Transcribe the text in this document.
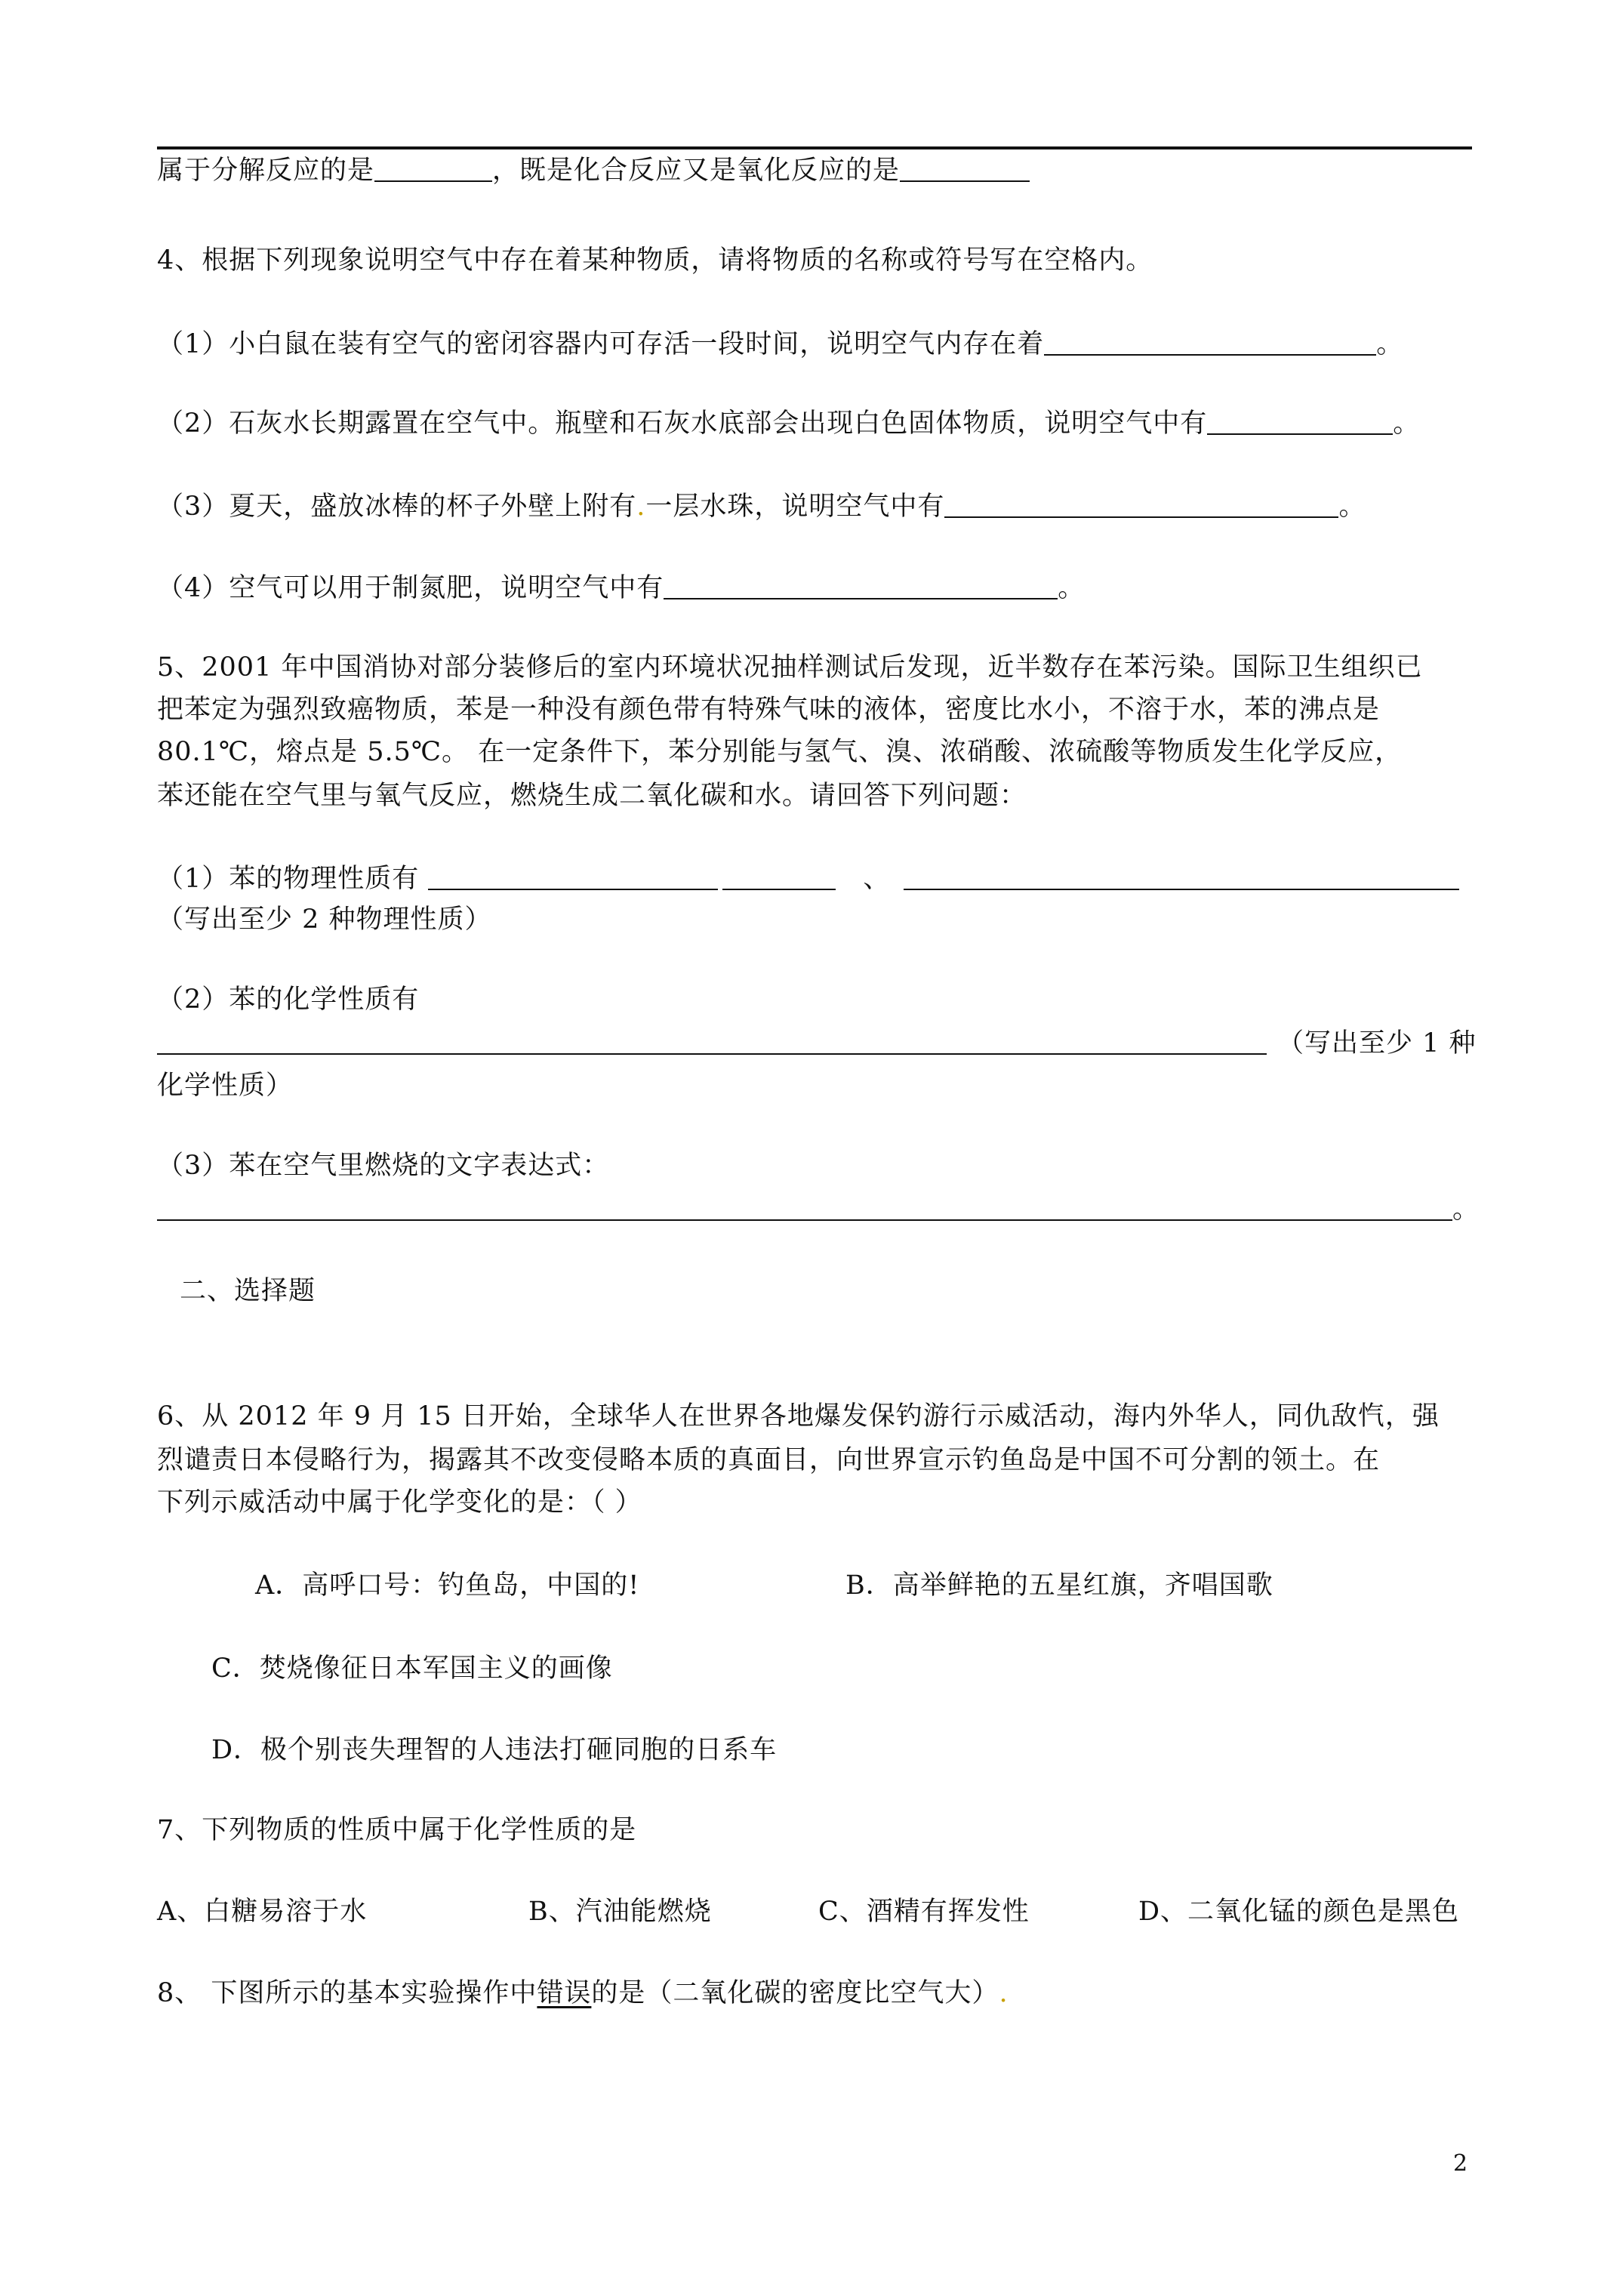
属于分解反应的是	，既是化合反应又是氧化反应的是
4、根据下列现象说明空气中存在着某种物质，请将物质的名称或符号写在空格内。
（1）小白鼠在装有空气的密闭容器内可存活一段时间，说明空气内存在着	。
（2）石灰水长期露置在空气中。瓶壁和石灰水底部会出现白色固体物质，说明空气中有	。
（3）夏天，盛放冰棒的杯子外壁上附有.一层水珠，说明空气中有	。
（4）空气可以用于制氮肥，说明空气中有	。
5、2001 年中国消协对部分装修后的室内环境状况抽样测试后发现，近半数存在苯污染。国际卫生组织已
把苯定为强烈致癌物质，苯是一种没有颜色带有特殊气味的液体，密度比水小，不溶于水，苯的沸点是
80.1℃，熔点是 5.5℃。 在一定条件下，苯分别能与氢气、溴、浓硝酸、浓硫酸等物质发生化学反应，
苯还能在空气里与氧气反应，燃烧生成二氧化碳和水。请回答下列问题：
（1）苯的物理性质有	、
（写出至少 2 种物理性质）
（2）苯的化学性质有
（写出至少 1 种
化学性质）
（3）苯在空气里燃烧的文字表达式：
。
二、选择题
6、从 2012 年 9 月 15 日开始，全球华人在世界各地爆发保钓游行示威活动，海内外华人，同仇敌忾，强
烈谴责日本侵略行为，揭露其不改变侵略本质的真面目，向世界宣示钓鱼岛是中国不可分割的领土。在
下列示威活动中属于化学变化的是：（ ）
A．高呼口号：钓鱼岛，中国的!	B．高举鲜艳的五星红旗，齐唱国歌
C．焚烧像征日本军国主义的画像
D．极个别丧失理智的人违法打砸同胞的日系车
7、下列物质的性质中属于化学性质的是
A、白糖易溶于水	B、汽油能燃烧	C、酒精有挥发性	D、二氧化锰的颜色是黑色
8、 下图所示的基本实验操作中错误的是（二氧化碳的密度比空气大）.
2
